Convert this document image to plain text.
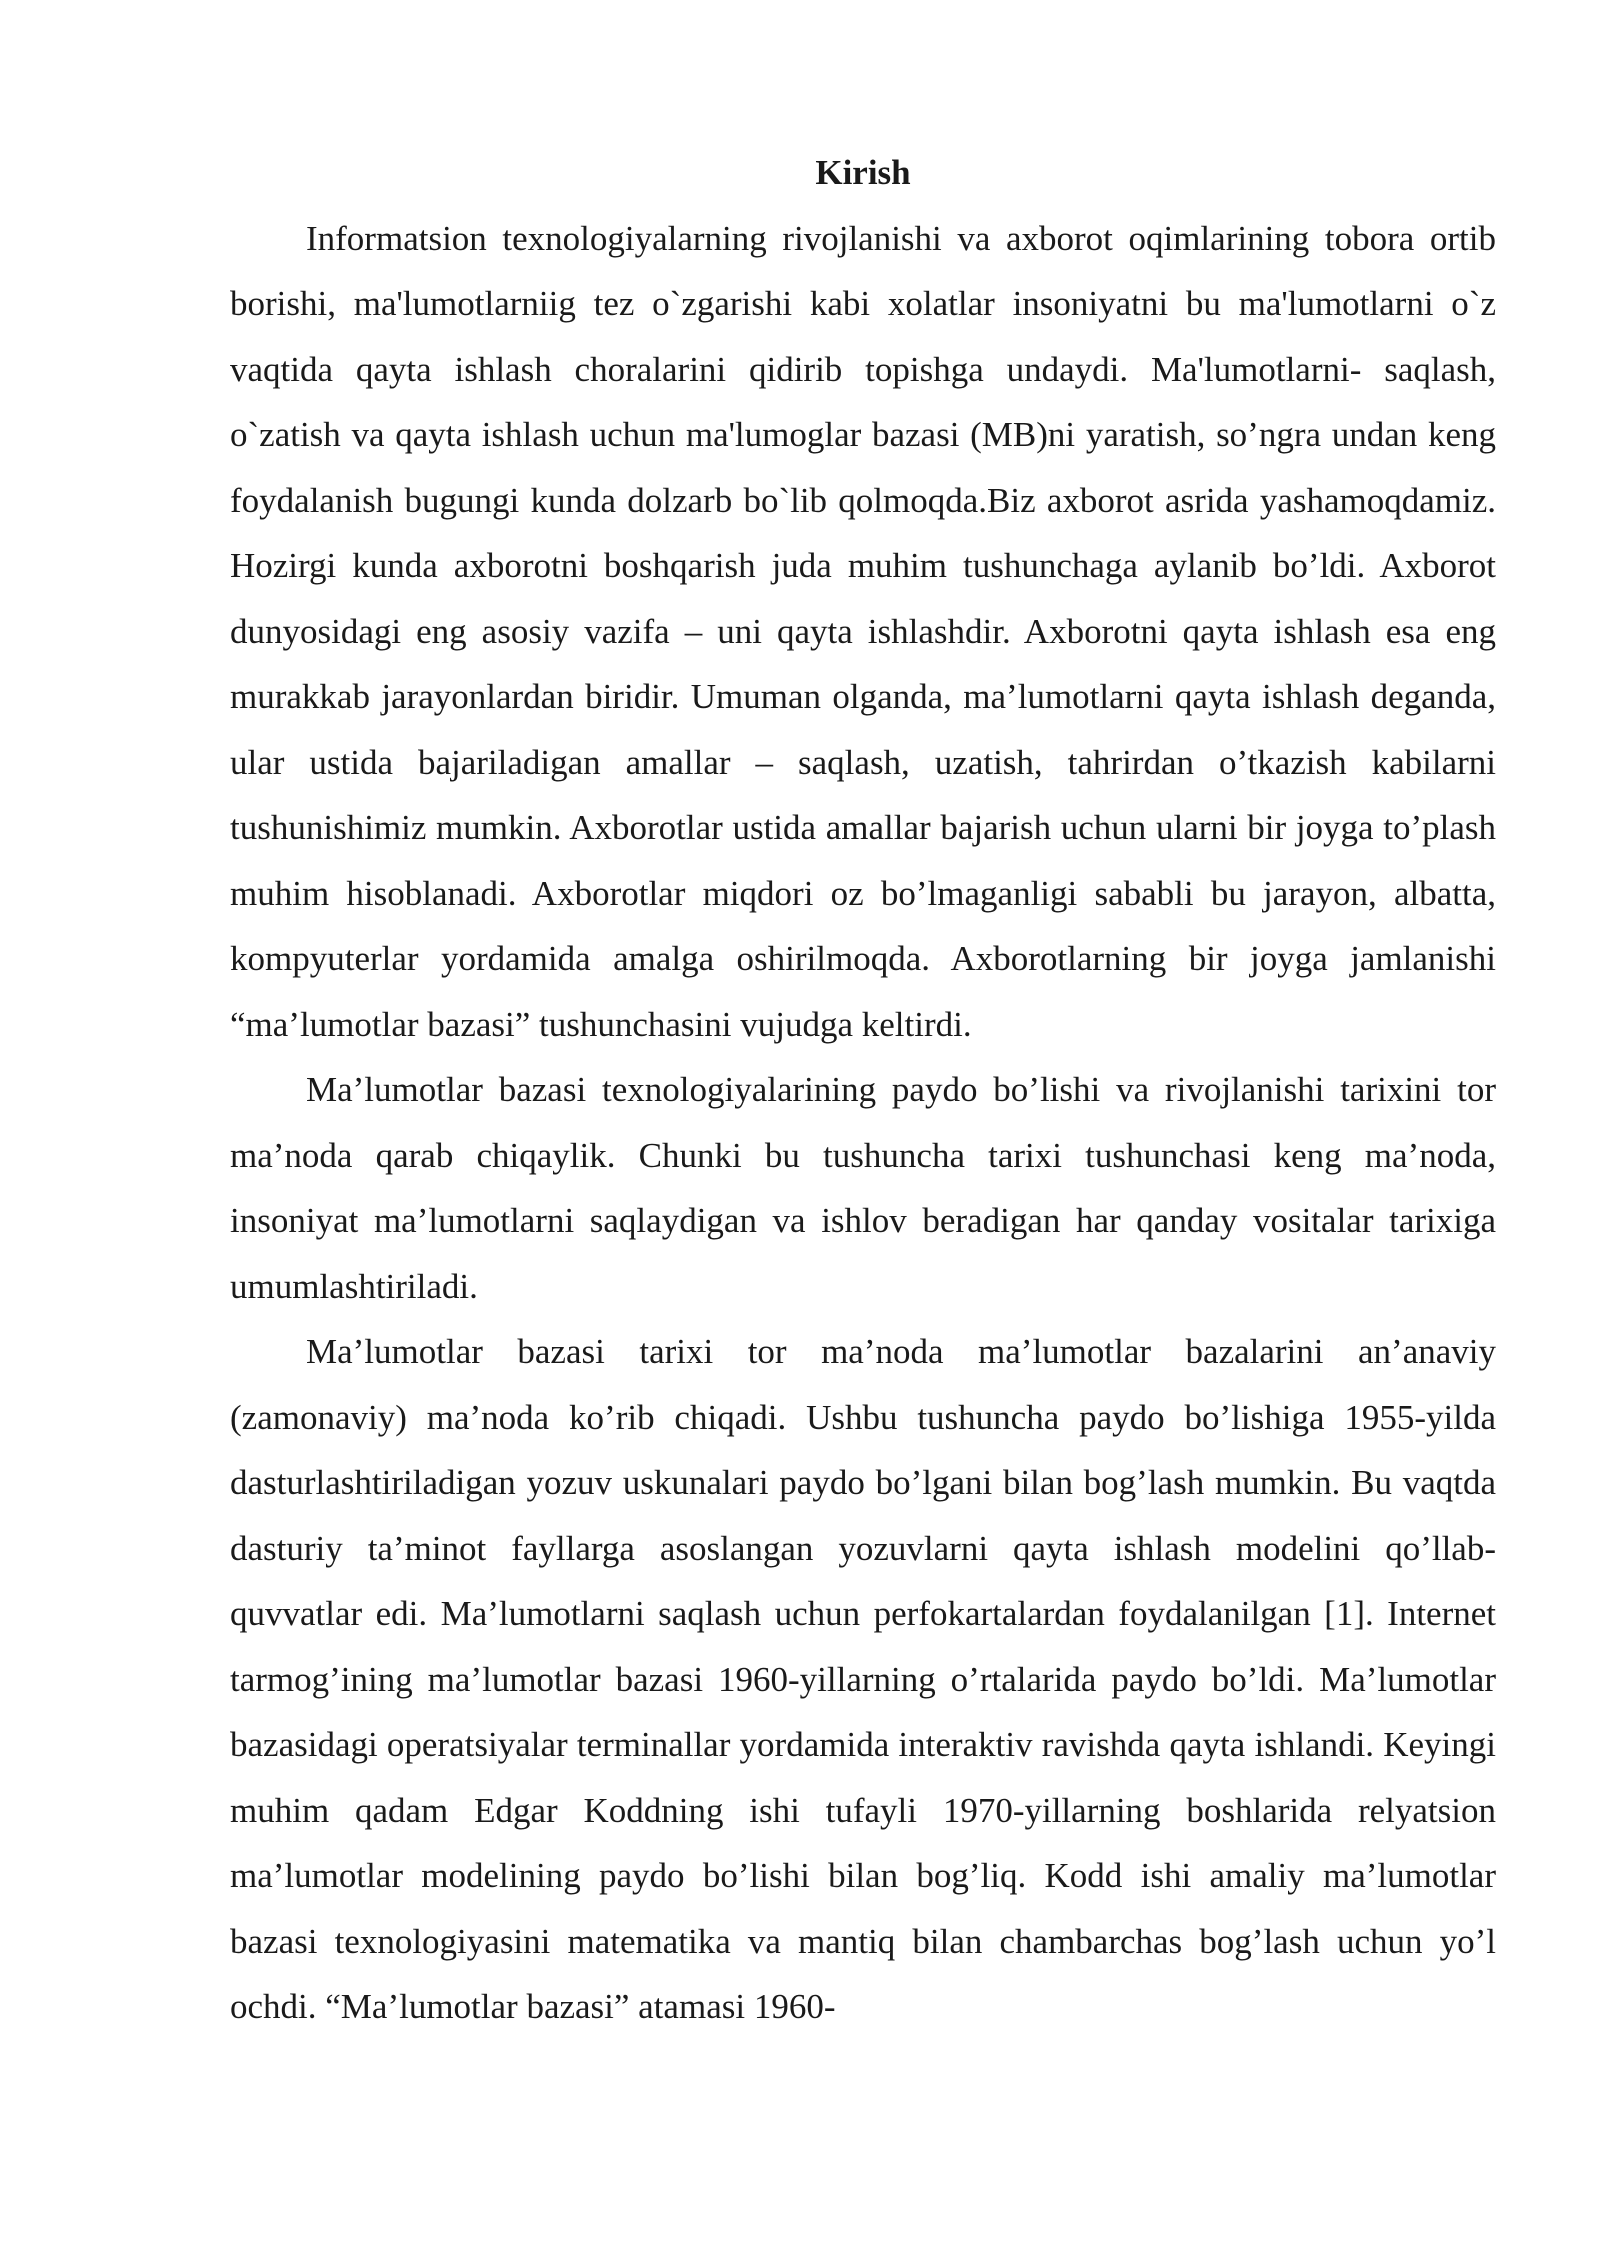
Kirish

Informatsion texnologiyalarning rivojlanishi va axborot oqimlarining tobora ortib borishi, ma'lumotlarniig tez o`zgarishi kabi xolatlar insoniyatni bu ma'lumotlarni o`z vaqtida qayta ishlash choralarini qidirib topishga undaydi. Ma'lumotlarni- saqlash, o`zatish va qayta ishlash uchun ma'lumoglar bazasi (MB)ni yaratish, so’ngra undan keng foydalanish bugungi kunda dolzarb bo`lib qolmoqda.Biz axborot asrida yashamoqdamiz. Hozirgi kunda axborotni boshqarish juda muhim tushunchaga aylanib bo’ldi. Axborot dunyosidagi eng asosiy vazifa – uni qayta ishlashdir. Axborotni qayta ishlash esa eng murakkab jarayonlardan biridir. Umuman olganda, ma’lumotlarni qayta ishlash deganda, ular ustida bajariladigan amallar – saqlash, uzatish, tahrirdan o’tkazish kabilarni tushunishimiz mumkin. Axborotlar ustida amallar bajarish uchun ularni bir joyga to’plash muhim hisoblanadi. Axborotlar miqdori oz bo’lmaganligi sababli bu jarayon, albatta, kompyuterlar yordamida amalga oshirilmoqda. Axborotlarning bir joyga jamlanishi “ma’lumotlar bazasi” tushunchasini vujudga keltirdi.

Ma’lumotlar bazasi texnologiyalarining paydo bo’lishi va rivojlanishi tarixini tor ma’noda qarab chiqaylik. Chunki bu tushuncha tarixi tushunchasi keng ma’noda, insoniyat ma’lumotlarni saqlaydigan va ishlov beradigan har qanday vositalar tarixiga umumlashtiriladi.

Ma’lumotlar bazasi tarixi tor ma’noda ma’lumotlar bazalarini an’anaviy (zamonaviy) ma’noda ko’rib chiqadi. Ushbu tushuncha paydo bo’lishiga 1955-yilda dasturlashtiriladigan yozuv uskunalari paydo bo’lgani bilan bog’lash mumkin. Bu vaqtda dasturiy ta’minot fayllarga asoslangan yozuvlarni qayta ishlash modelini qo’llab-quvvatlar edi. Ma’lumotlarni saqlash uchun perfokartalardan foydalanilgan [1]. Internet tarmog’ining ma’lumotlar bazasi 1960-yillarning o’rtalarida paydo bo’ldi. Ma’lumotlar bazasidagi operatsiyalar terminallar yordamida interaktiv ravishda qayta ishlandi. Keyingi muhim qadam Edgar Koddning ishi tufayli 1970-yillarning boshlarida relyatsion ma’lumotlar modelining paydo bo’lishi bilan bog’liq. Kodd ishi amaliy ma’lumotlar bazasi texnologiyasini matematika va mantiq bilan chambarchas bog’lash uchun yo’l ochdi. “Ma’lumotlar bazasi” atamasi 1960-
